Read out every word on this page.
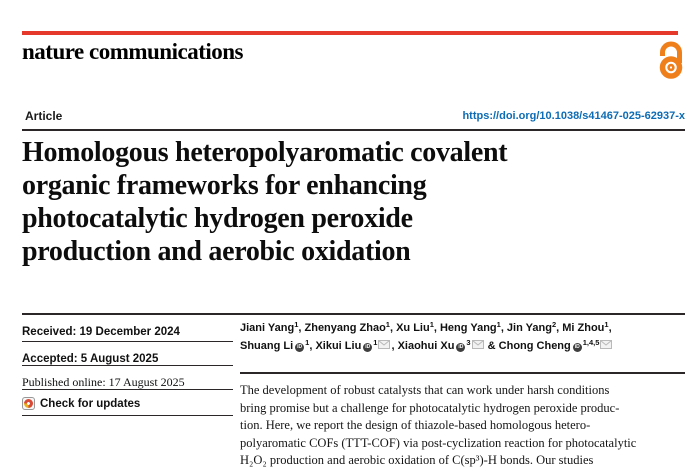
nature communications
Article	https://doi.org/10.1038/s41467-025-62937-x
Homologous heteropolyaromatic covalent
organic frameworks for enhancing
photocatalytic hydrogen peroxide
production and aerobic oxidation
Received: 19 December 2024
Accepted: 5 August 2025
Published online: 17 August 2025
Check for updates
Jiani Yang$^1$, Zhenyang Zhao$^1$, Xu Liu$^1$, Heng Yang$^1$, Jin Yang$^2$, Mi Zhou$^1$,
Shuang Li iD $^1$, Xikui Liu iD $^1$ , Xiaohui Xu iD $^3$ & Chong Cheng iD $^{1,4,5}$
The development of robust catalysts that can work under harsh conditions
bring promise but a challenge for photocatalytic hydrogen peroxide produc-
tion. Here, we report the design of thiazole-based homologous hetero-
polyaromatic COFs (TTT-COF) via post-cyclization reaction for photocatalytic
H₂O₂ production and aerobic oxidation of C(sp³)-H bonds. Our studies
